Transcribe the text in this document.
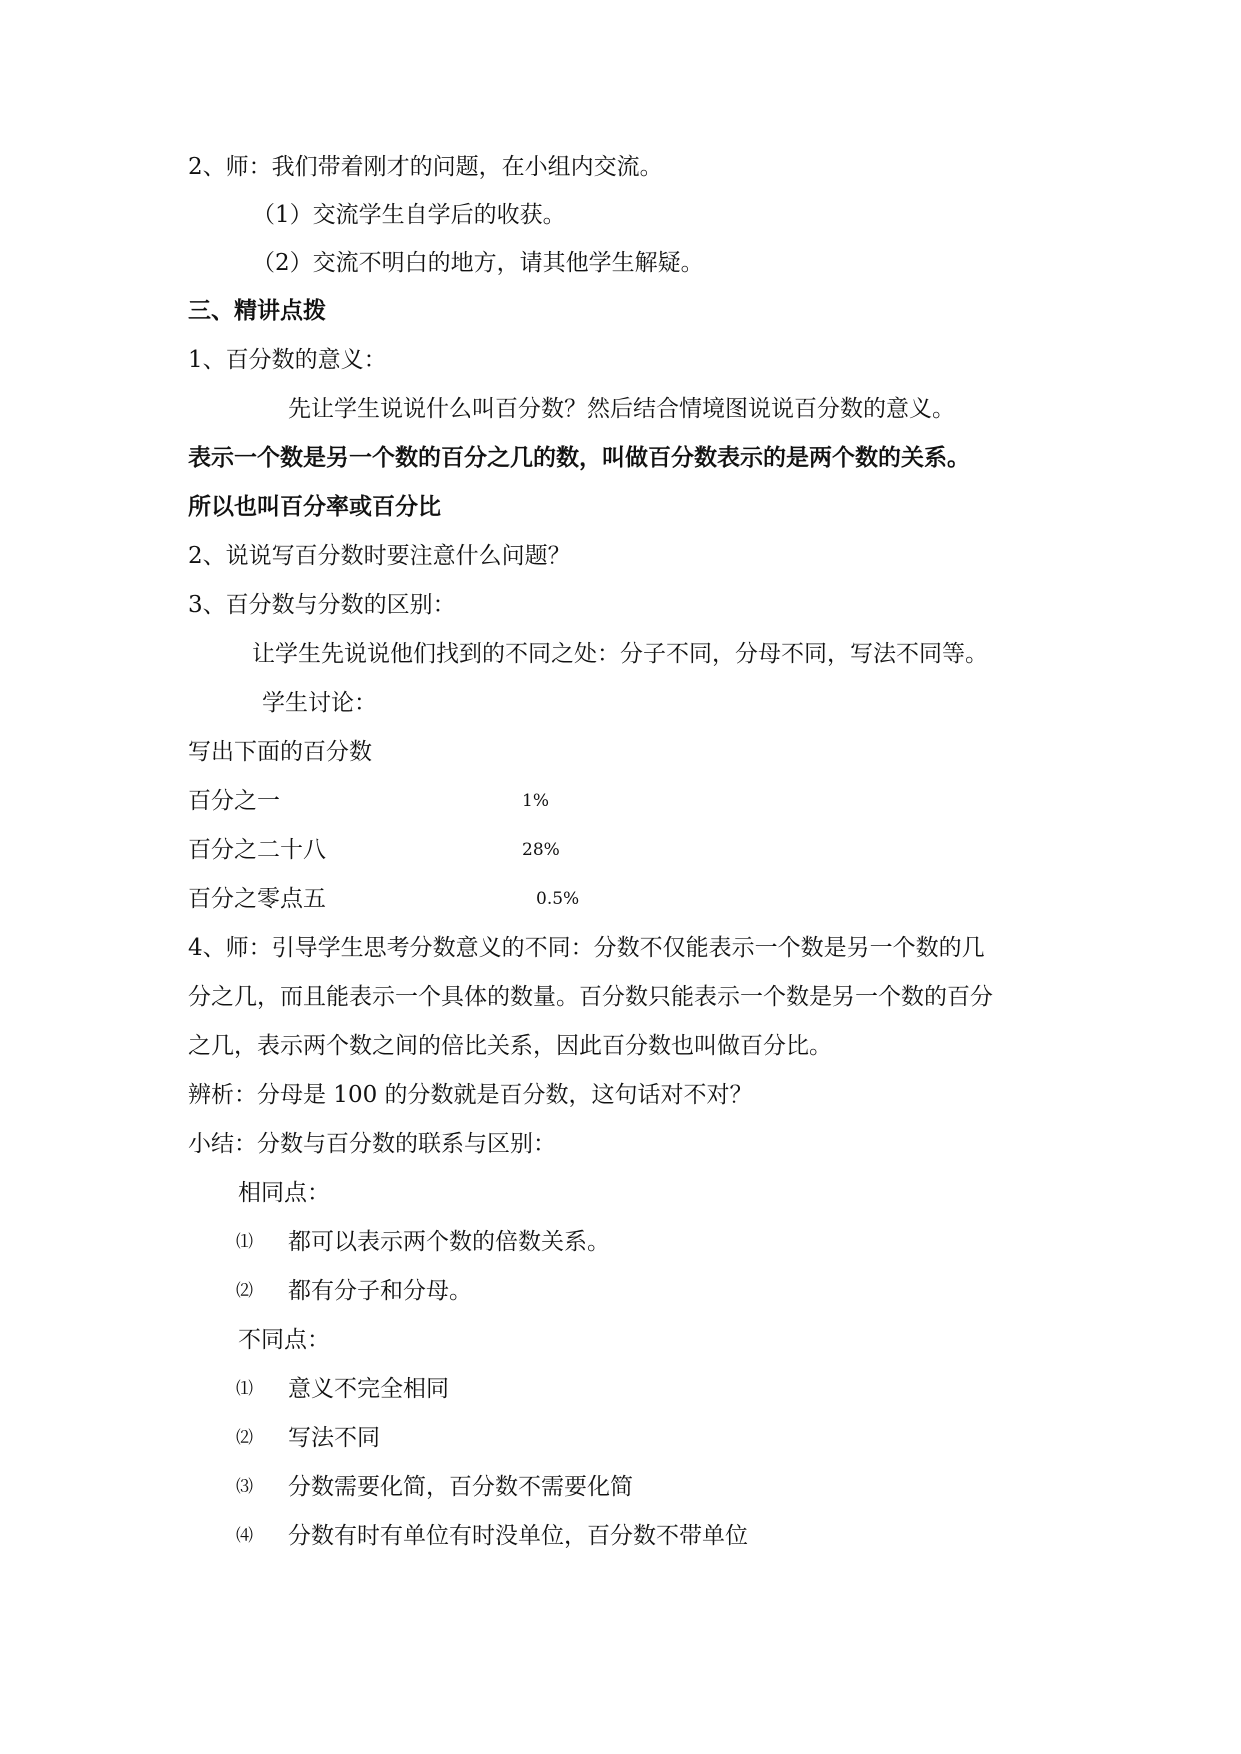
2、师：我们带着刚才的问题，在小组内交流。
（1）交流学生自学后的收获。
（2）交流不明白的地方，请其他学生解疑。
三、精讲点拨
1、百分数的意义：
先让学生说说什么叫百分数？然后结合情境图说说百分数的意义。
表示一个数是另一个数的百分之几的数，叫做百分数表示的是两个数的关系。
所以也叫百分率或百分比
2、说说写百分数时要注意什么问题？
3、百分数与分数的区别：
让学生先说说他们找到的不同之处：分子不同，分母不同，写法不同等。
学生讨论：
写出下面的百分数
百分之一	1%
百分之二十八	28%
百分之零点五	0.5%
4、师：引导学生思考分数意义的不同：分数不仅能表示一个数是另一个数的几
分之几，而且能表示一个具体的数量。百分数只能表示一个数是另一个数的百分
之几，表示两个数之间的倍比关系，因此百分数也叫做百分比。
辨析：分母是 100 的分数就是百分数，这句话对不对？
小结：分数与百分数的联系与区别：
相同点：
⑴ 都可以表示两个数的倍数关系。
⑵ 都有分子和分母。
不同点：
⑴ 意义不完全相同
⑵ 写法不同
⑶ 分数需要化简，百分数不需要化简
⑷ 分数有时有单位有时没单位，百分数不带单位
